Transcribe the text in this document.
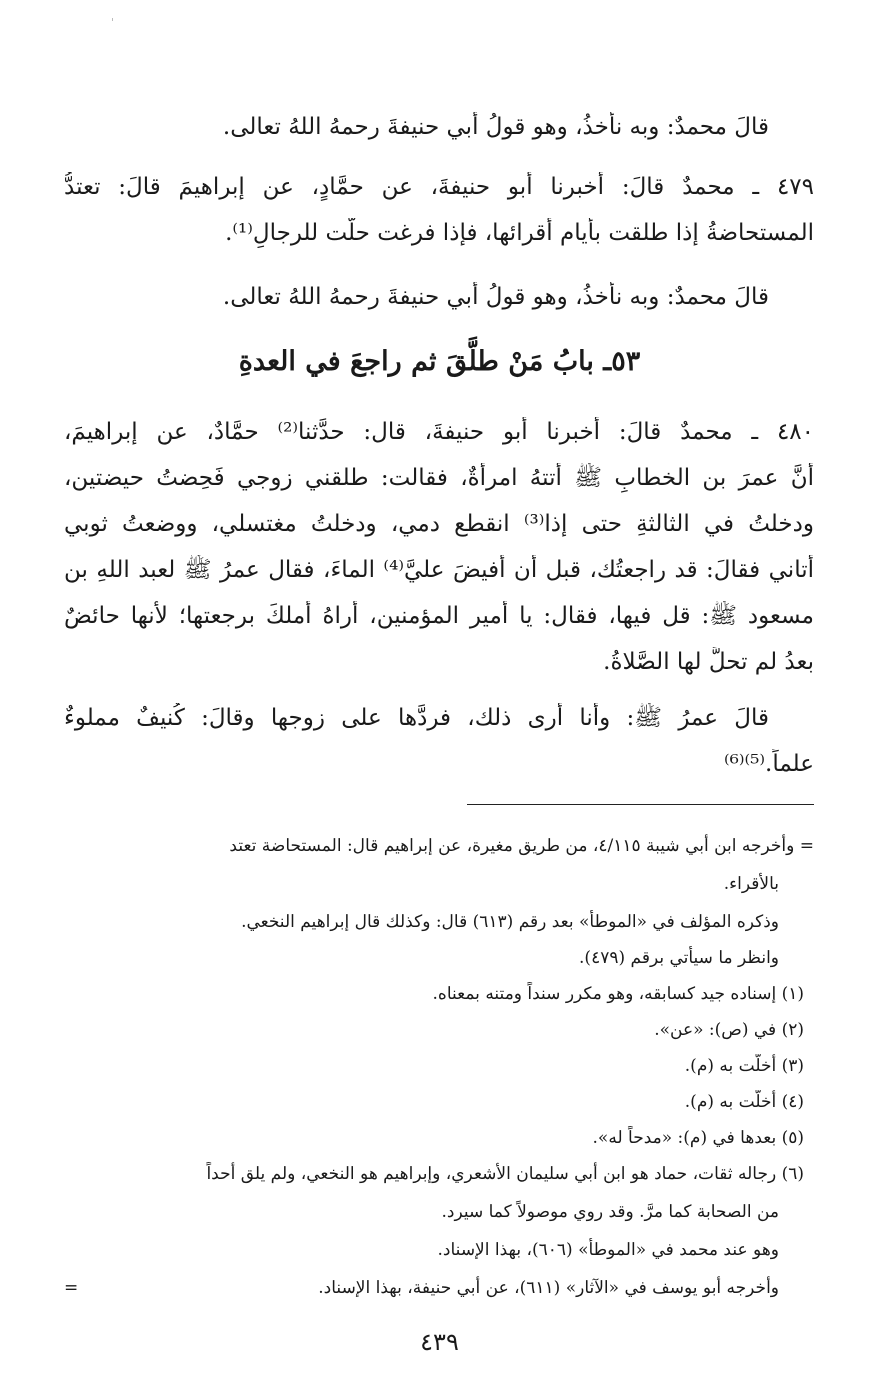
قالَ محمدٌ: وبه نأخذُ، وهو قولُ أبي حنيفةَ رحمهُ اللهُ تعالى.
٤٧٩ ـ محمدٌ قالَ: أخبرنا أبو حنيفةَ، عن حمَّادٍ، عن إبراهيمَ قالَ: تعتدُّ
المستحاضةُ إذا طلقت بأيام أقرائها، فإذا فرغت حلَّت للرجالِ⁽¹⁾.
قالَ محمدٌ: وبه نأخذُ، وهو قولُ أبي حنيفةَ رحمهُ اللهُ تعالى.
٥٣ـ بابُ مَنْ طلَّقَ ثم راجعَ في العدةِ
٤٨٠ ـ محمدٌ قالَ: أخبرنا أبو حنيفةَ، قال: حدَّثنا⁽²⁾ حمَّادٌ، عن إبراهيمَ،
أنَّ عمرَ بن الخطابِ ﷺ أتتهُ امرأةٌ، فقالت: طلقني زوجي فَحِضتُ حيضتين،
ودخلتُ في الثالثةِ حتى إذا⁽³⁾ انقطع دمي، ودخلتُ مغتسلي، ووضعتُ ثوبي
أتاني فقالَ: قد راجعتُك، قبل أن أفيضَ عليَّ⁽⁴⁾ الماءَ، فقال عمرُ ﷺ لعبد اللهِ بن
مسعود ﷺ: قل فيها، فقال: يا أمير المؤمنين، أراهُ أملكَ برجعتها؛ لأنها حائضٌ
بعدُ لم تحلَّ لها الصَّلاةُ.
قالَ عمرُ ﷺ: وأنا أرى ذلك، فردَّها على زوجها وقالَ: كُنيفٌ مملوءٌ
علماً.⁽⁵⁾⁽⁶⁾
= وأخرجه ابن أبي شيبة ٤/١١٥، من طريق مغيرة، عن إبراهيم قال: المستحاضة تعتد
بالأقراء.
وذكره المؤلف في «الموطأ» بعد رقم (٦١٣) قال: وكذلك قال إبراهيم النخعي.
وانظر ما سيأتي برقم (٤٧٩).
(١) إسناده جيد كسابقه، وهو مكرر سنداً ومتنه بمعناه.
(٢) في (ص): «عن».
(٣) أخلَّت به (م).
(٤) أخلَّت به (م).
(٥) بعدها في (م): «مدحاً له».
(٦) رجاله ثقات، حماد هو ابن أبي سليمان الأشعري، وإبراهيم هو النخعي، ولم يلق أحداً
من الصحابة كما مرَّ. وقد روي موصولاً كما سيرد.
وهو عند محمد في «الموطأ» (٦٠٦)، بهذا الإسناد.
وأخرجه أبو يوسف في «الآثار» (٦١١)، عن أبي حنيفة، بهذا الإسناد.
=
٤٣٩
